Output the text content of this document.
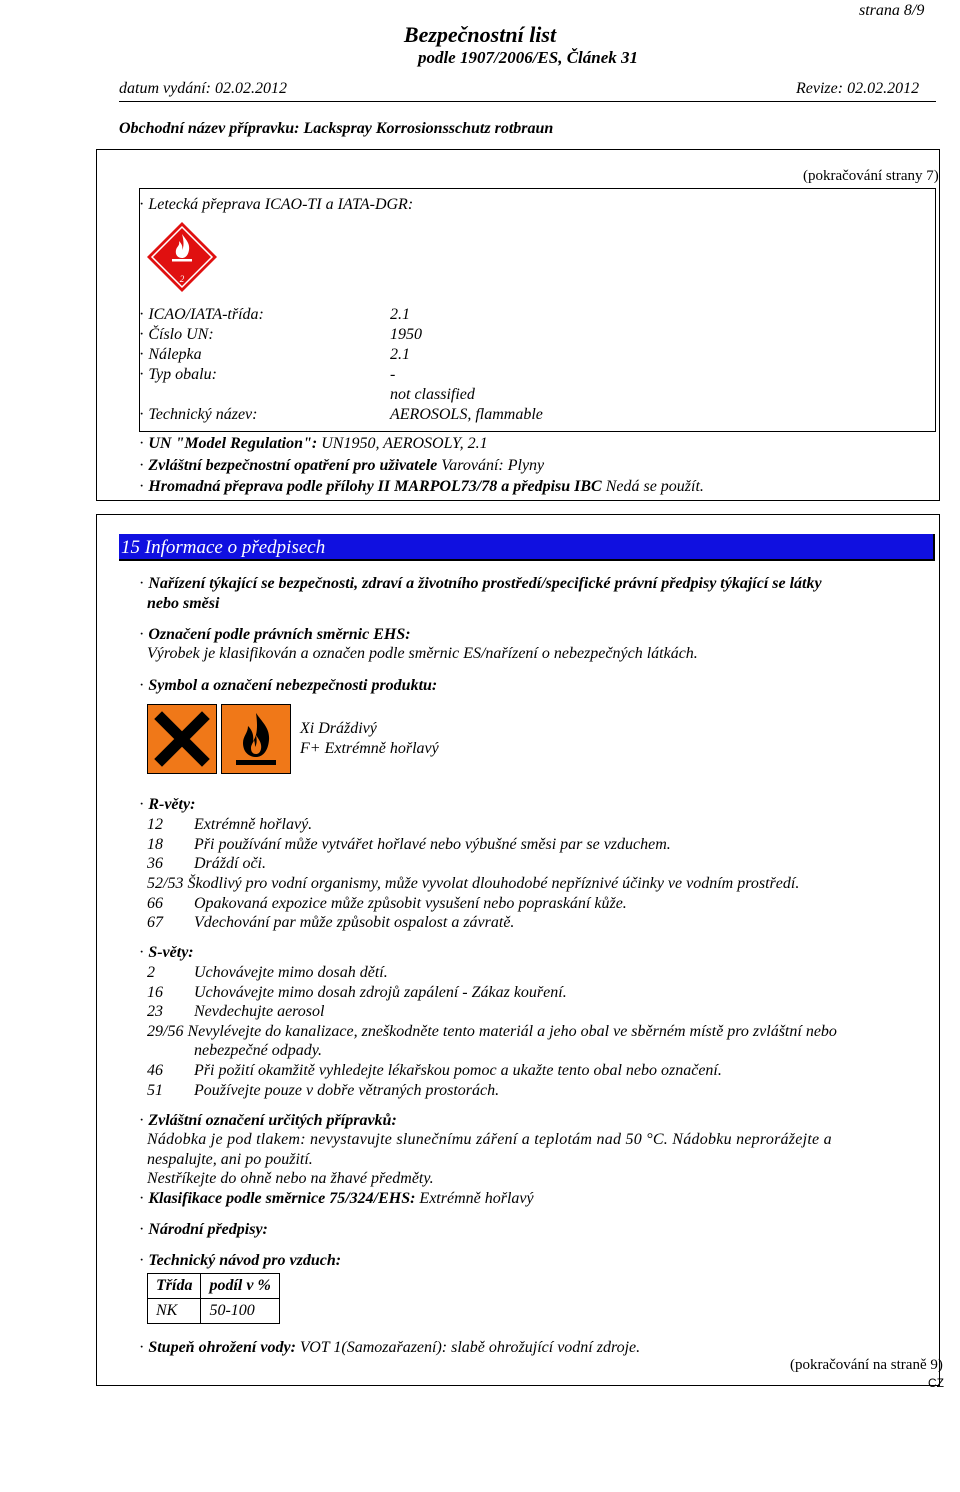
strana 8/9
Bezpečnostní list
podle 1907/2006/ES, Článek 31
datum vydání: 02.02.2012	Revize: 02.02.2012
Obchodní název přípravku: Lackspray Korrosionsschutz rotbraun
(pokračování strany 7)
· Letecká přeprava ICAO-TI a IATA-DGR:
2
· ICAO/IATA-třída:	2.1
· Číslo UN:	1950
· Nálepka	2.1
· Typ obalu:	-
not classified
· Technický název:	AEROSOLS, flammable
· UN "Model Regulation": UN1950, AEROSOLY, 2.1
· Zvláštní bezpečnostní opatření pro uživatele Varování: Plyny
· Hromadná přeprava podle přílohy II MARPOL73/78 a předpisu IBC Nedá se použít.
15 Informace o předpisech
· Nařízení týkající se bezpečnosti, zdraví a životního prostředí/specifické právní předpisy týkající se látky
nebo směsi
· Označení podle právních směrnic EHS:
Výrobek je klasifikován a označen podle směrnic ES/nařízení o nebezpečných látkách.
· Symbol a označení nebezpečnosti produktu:
Xi Dráždivý
F+ Extrémně hořlavý
· R-věty:
12 Extrémně hořlavý.
18 Při používání může vytvářet hořlavé nebo výbušné směsi par se vzduchem.
36 Dráždí oči.
52/53 Škodlivý pro vodní organismy, může vyvolat dlouhodobé nepříznivé účinky ve vodním prostředí.
66 Opakovaná expozice může způsobit vysušení nebo popraskání kůže.
67 Vdechování par může způsobit ospalost a závratě.
· S-věty:
2 Uchovávejte mimo dosah dětí.
16 Uchovávejte mimo dosah zdrojů zapálení - Zákaz kouření.
23 Nevdechujte aerosol
29/56 Nevylévejte do kanalizace, zneškodněte tento materiál a jeho obal ve sběrném místě pro zvláštní nebo
nebezpečné odpady.
46 Při požití okamžitě vyhledejte lékařskou pomoc a ukažte tento obal nebo označení.
51 Používejte pouze v dobře větraných prostorách.
· Zvláštní označení určitých přípravků:
Nádobka je pod tlakem: nevystavujte slunečnímu záření a teplotám nad 50 °C. Nádobku neprorážejte a
nespalujte, ani po použití.
Nestříkejte do ohně nebo na žhavé předměty.
· Klasifikace podle směrnice 75/324/EHS: Extrémně hořlavý
· Národní předpisy:
· Technický návod pro vzduch:
Třída	podíl v %
NK	50-100
· Stupeň ohrožení vody: VOT 1(Samozařazení): slabě ohrožující vodní zdroje.
(pokračování na straně 9)
CZ
